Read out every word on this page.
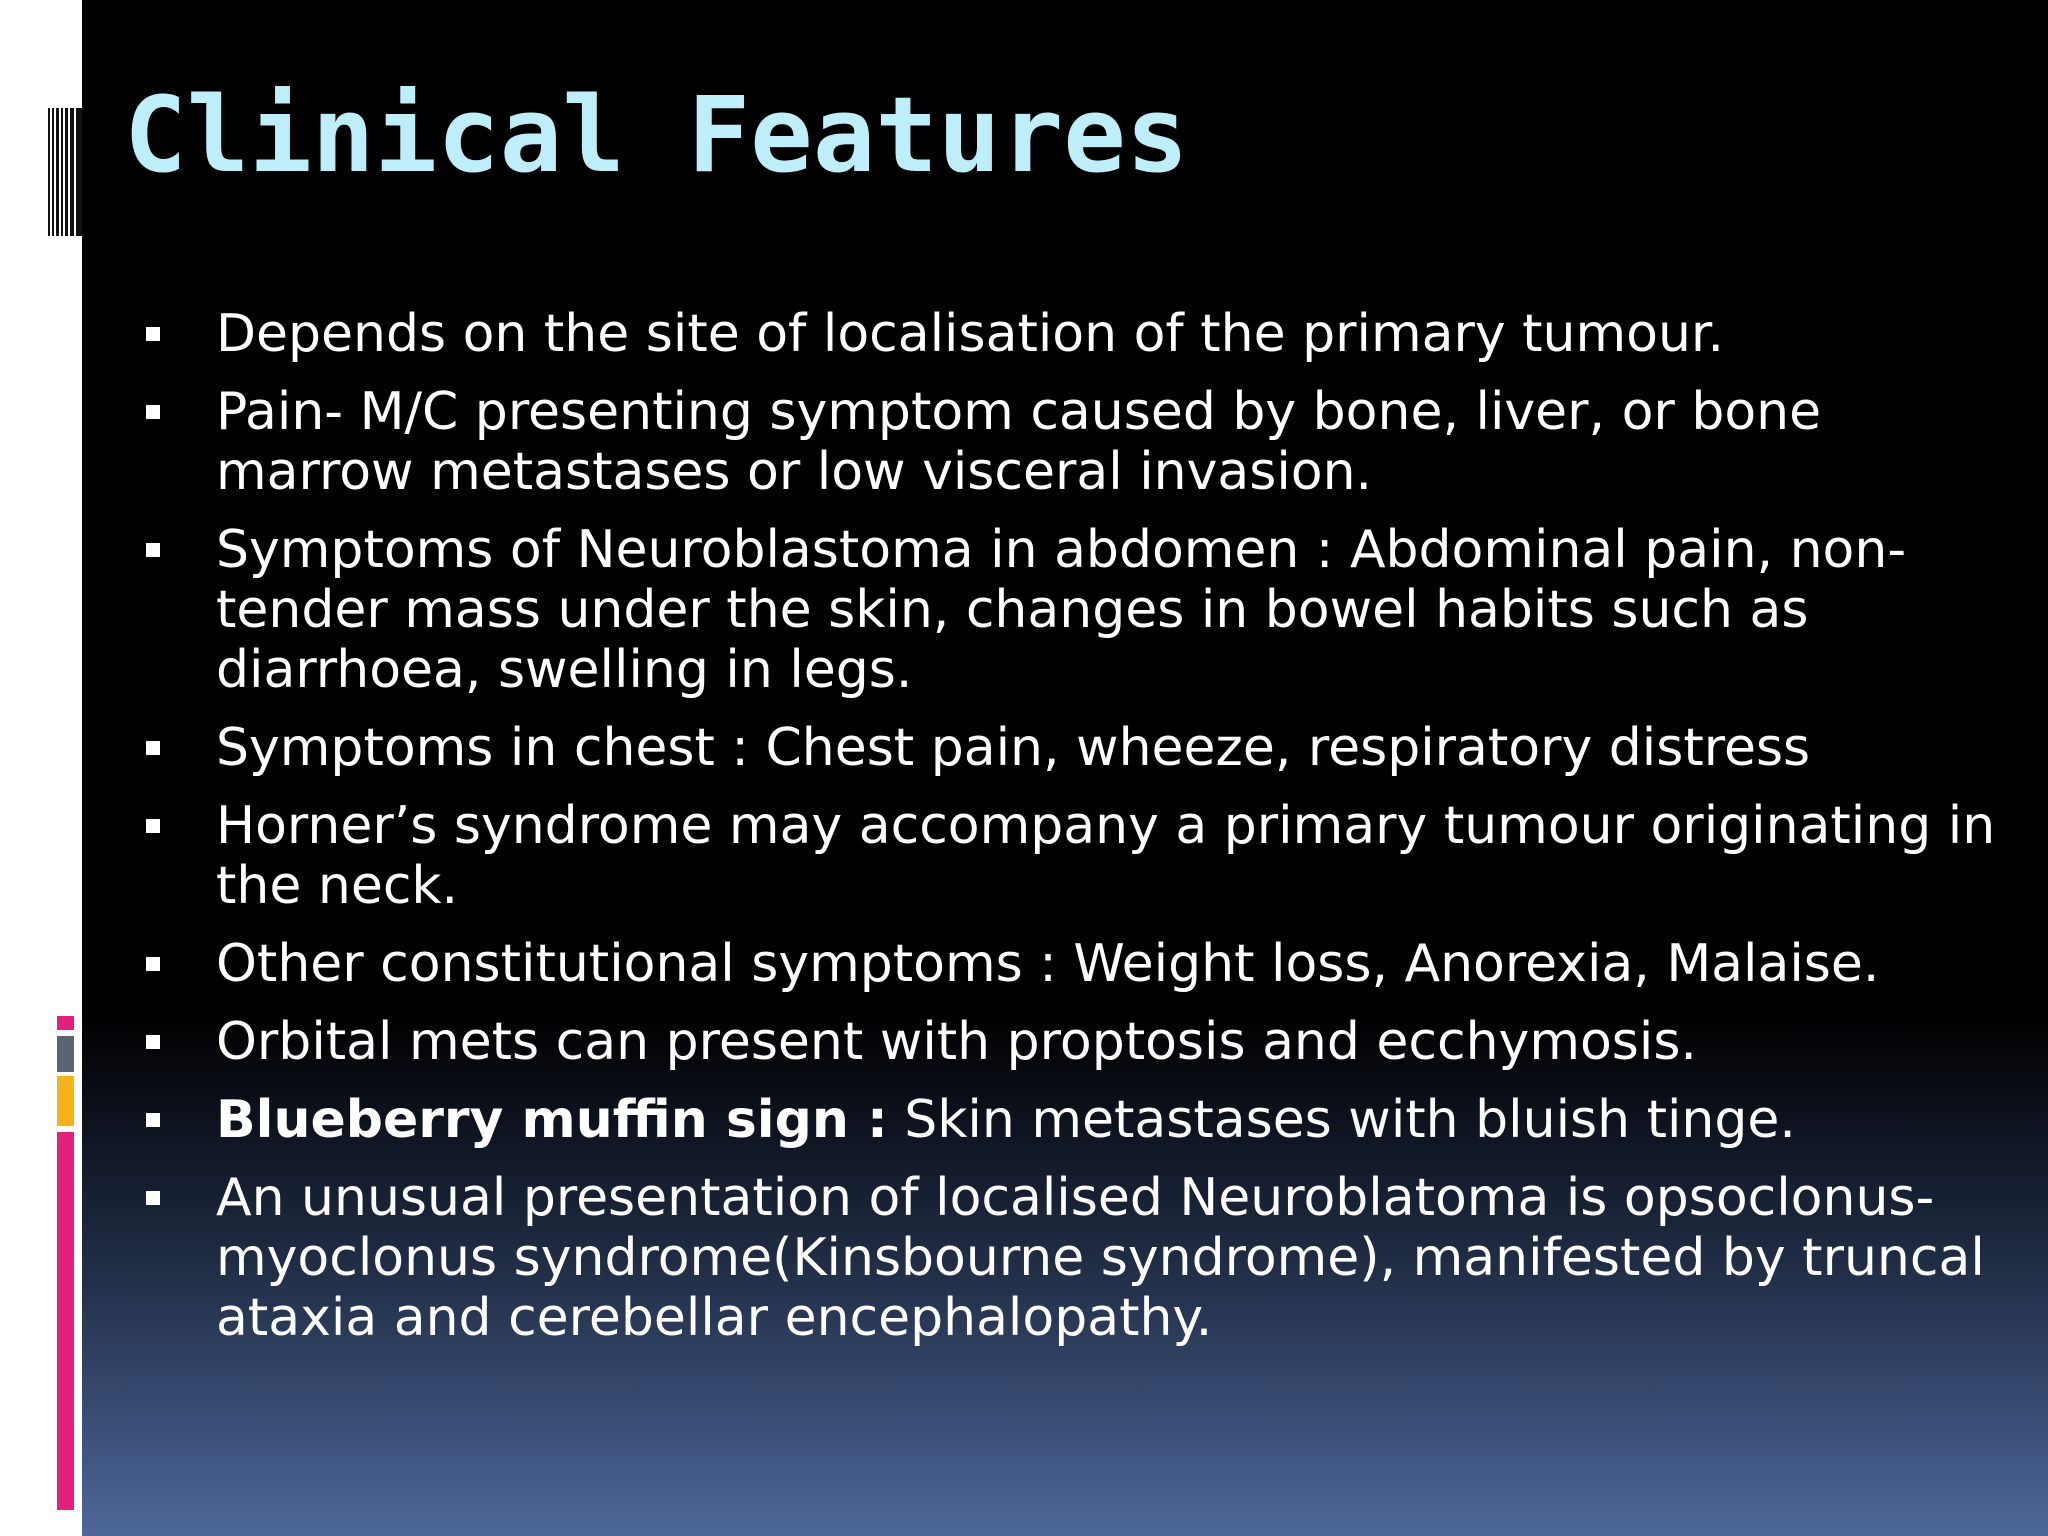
Clinical Features
Depends on the site of localisation of the primary tumour.
Pain- M/C presenting symptom caused by bone, liver, or bone marrow metastases or low visceral invasion.
Symptoms of Neuroblastoma in abdomen : Abdominal pain, non-tender mass under the skin, changes in bowel habits such as diarrhoea, swelling in legs.
Symptoms in chest : Chest pain, wheeze, respiratory distress
Horner’s syndrome may accompany a primary tumour originating in the neck.
Other constitutional symptoms : Weight loss, Anorexia, Malaise.
Orbital mets can present with proptosis and ecchymosis.
Blueberry muffin sign : Skin metastases with bluish tinge.
An unusual presentation of localised Neuroblatoma is opsoclonus-myoclonus syndrome(Kinsbourne syndrome), manifested by truncal ataxia and cerebellar encephalopathy.
